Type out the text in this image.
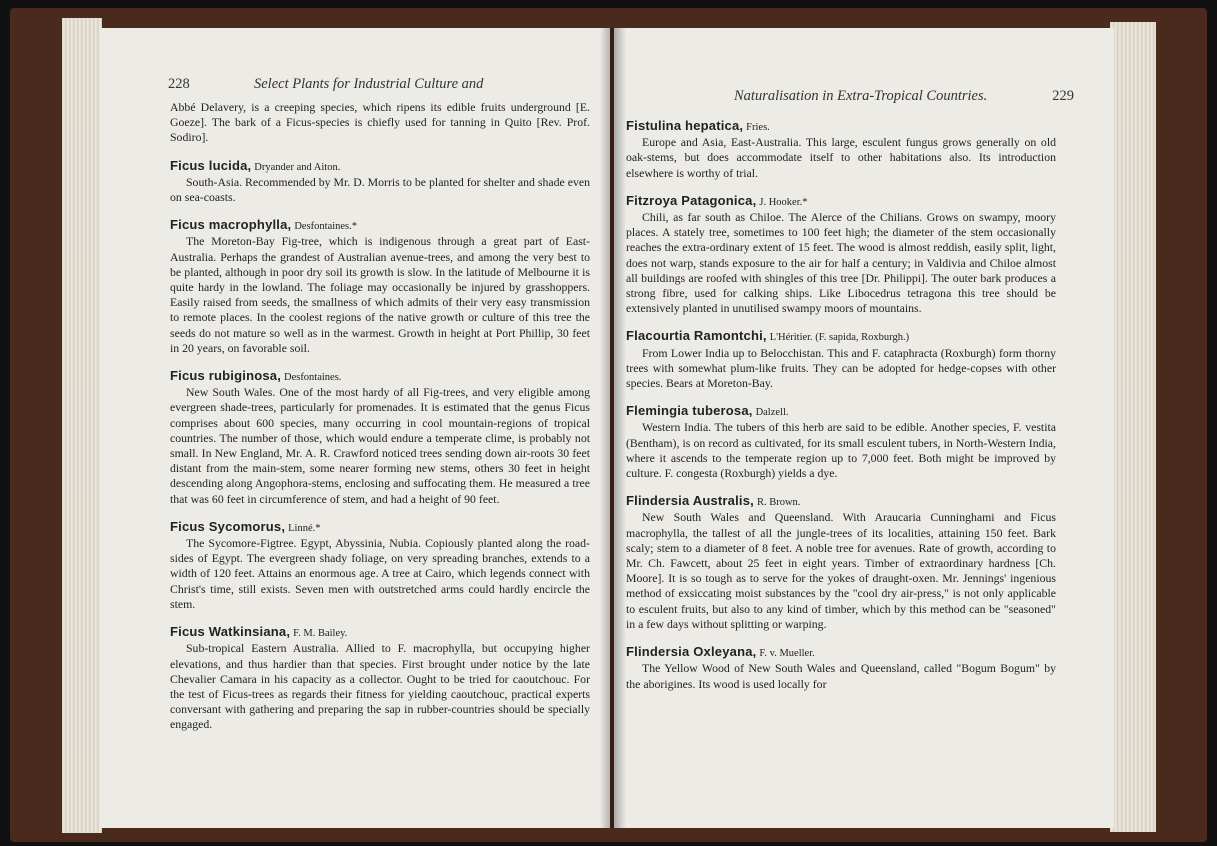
228	Select Plants for Industrial Culture and

Abbé Delavery, is a creeping species, which ripens its edible fruits underground [E. Goeze]. The bark of a Ficus-species is chiefly used for tanning in Quito [Rev. Prof. Sodiro].

Ficus lucida, Dryander and Aiton.

South-Asia. Recommended by Mr. D. Morris to be planted for shelter and shade even on sea-coasts.

Ficus macrophylla, Desfontaines.*

The Moreton-Bay Fig-tree, which is indigenous through a great part of East-Australia. Perhaps the grandest of Australian avenue-trees, and among the very best to be planted, although in poor dry soil its growth is slow. In the latitude of Melbourne it is quite hardy in the lowland. The foliage may occasionally be injured by grasshoppers. Easily raised from seeds, the smallness of which admits of their very easy transmission to remote places. In the coolest regions of the native growth or culture of this tree the seeds do not mature so well as in the warmest. Growth in height at Port Phillip, 30 feet in 20 years, on favorable soil.

Ficus rubiginosa, Desfontaines.

New South Wales. One of the most hardy of all Fig-trees, and very eligible among evergreen shade-trees, particularly for promenades. It is estimated that the genus Ficus comprises about 600 species, many occurring in cool mountain-regions of tropical countries. The number of those, which would endure a temperate clime, is probably not small. In New England, Mr. A. R. Crawford noticed trees sending down air-roots 30 feet distant from the main-stem, some nearer forming new stems, others 30 feet in height descending along Angophora-stems, enclosing and suffocating them. He measured a tree that was 60 feet in circumference of stem, and had a height of 90 feet.

Ficus Sycomorus, Linné.*

The Sycomore-Figtree. Egypt, Abyssinia, Nubia. Copiously planted along the road-sides of Egypt. The evergreen shady foliage, on very spreading branches, extends to a width of 120 feet. Attains an enormous age. A tree at Cairo, which legends connect with Christ's time, still exists. Seven men with outstretched arms could hardly encircle the stem.

Ficus Watkinsiana, F. M. Bailey.

Sub-tropical Eastern Australia. Allied to F. macrophylla, but occupying higher elevations, and thus hardier than that species. First brought under notice by the late Chevalier Camara in his capacity as a collector. Ought to be tried for caoutchouc. For the test of Ficus-trees as regards their fitness for yielding caoutchouc, practical experts conversant with gathering and preparing the sap in rubber-countries should be specially engaged.

Naturalisation in Extra-Tropical Countries.	229
Fistulina hepatica, Fries.

Europe and Asia, East-Australia. This large, esculent fungus grows generally on old oak-stems, but does accommodate itself to other habitations also. Its introduction elsewhere is worthy of trial.

Fitzroya Patagonica, J. Hooker.*

Chili, as far south as Chiloe. The Alerce of the Chilians. Grows on swampy, moory places. A stately tree, sometimes to 100 feet high; the diameter of the stem occasionally reaches the extra-ordinary extent of 15 feet. The wood is almost reddish, easily split, light, does not warp, stands exposure to the air for half a century; in Valdivia and Chiloe almost all buildings are roofed with shingles of this tree [Dr. Philippi]. The outer bark produces a strong fibre, used for calking ships. Like Libocedrus tetragona this tree should be extensively planted in unutilised swampy moors of mountains.

Flacourtia Ramontchi, L'Héritier. (F. sapida, Roxburgh.)

From Lower India up to Belocchistan. This and F. cataphracta (Roxburgh) form thorny trees with somewhat plum-like fruits. They can be adopted for hedge-copses with other species. Bears at Moreton-Bay.

Flemingia tuberosa, Dalzell.

Western India. The tubers of this herb are said to be edible. Another species, F. vestita (Bentham), is on record as cultivated, for its small esculent tubers, in North-Western India, where it ascends to the temperate region up to 7,000 feet. Both might be improved by culture. F. congesta (Roxburgh) yields a dye.

Flindersia Australis, R. Brown.

New South Wales and Queensland. With Araucaria Cunninghami and Ficus macrophylla, the tallest of all the jungle-trees of its localities, attaining 150 feet. Bark scaly; stem to a diameter of 8 feet. A noble tree for avenues. Rate of growth, according to Mr. Ch. Fawcett, about 25 feet in eight years. Timber of extraordinary hardness [Ch. Moore]. It is so tough as to serve for the yokes of draught-oxen. Mr. Jennings' ingenious method of exsiccating moist substances by the "cool dry air-press," is not only applicable to esculent fruits, but also to any kind of timber, which by this method can be "seasoned" in a few days without splitting or warping.

Flindersia Oxleyana, F. v. Mueller.

The Yellow Wood of New South Wales and Queensland, called "Bogum Bogum" by the aborigines. Its wood is used locally for
